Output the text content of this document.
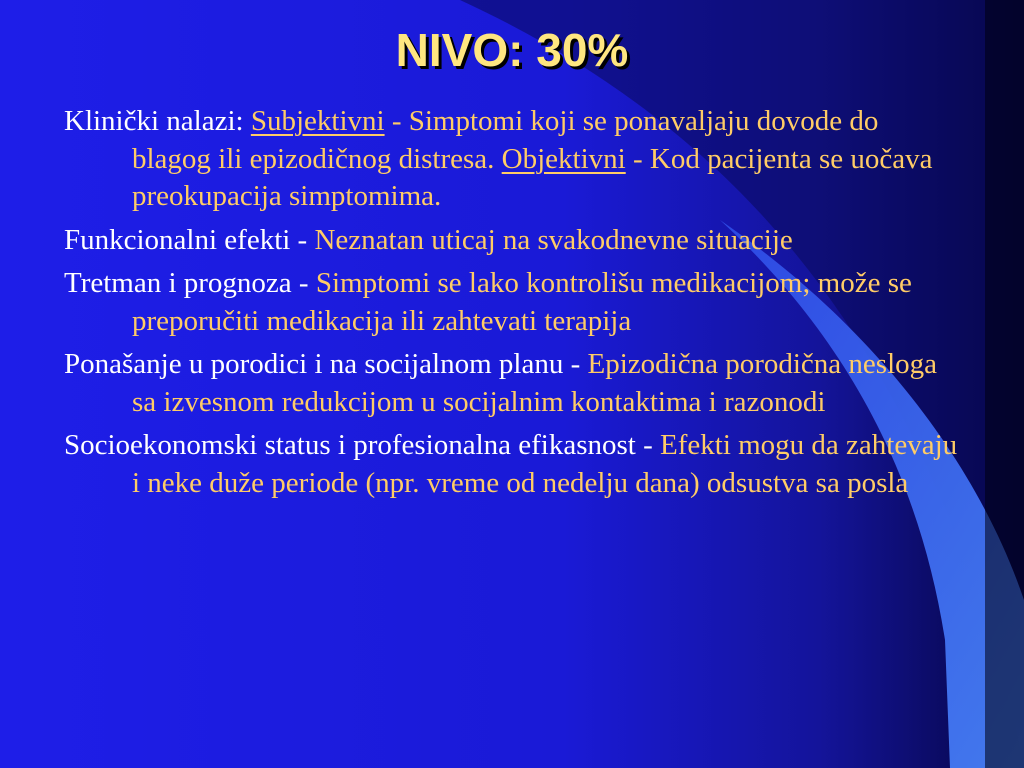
NIVO: 30%

Klinički nalazi: Subjektivni - Simptomi koji se ponavaljaju dovode do blagog ili epizodičnog distresa. Objektivni - Kod pacijenta se uočava preokupacija simptomima.

Funkcionalni efekti - Neznatan uticaj na svakodnevne situacije

Tretman i prognoza - Simptomi se lako kontrolišu medikacijom; može se preporučiti medikacija ili zahtevati terapija

Ponašanje u porodici i na socijalnom planu - Epizodična porodična nesloga sa izvesnom redukcijom u socijalnim kontaktima i razonodi

Socioekonomski status i profesionalna efikasnost - Efekti mogu da zahtevaju i neke duže periode (npr. vreme od nedelju dana) odsustva sa posla
